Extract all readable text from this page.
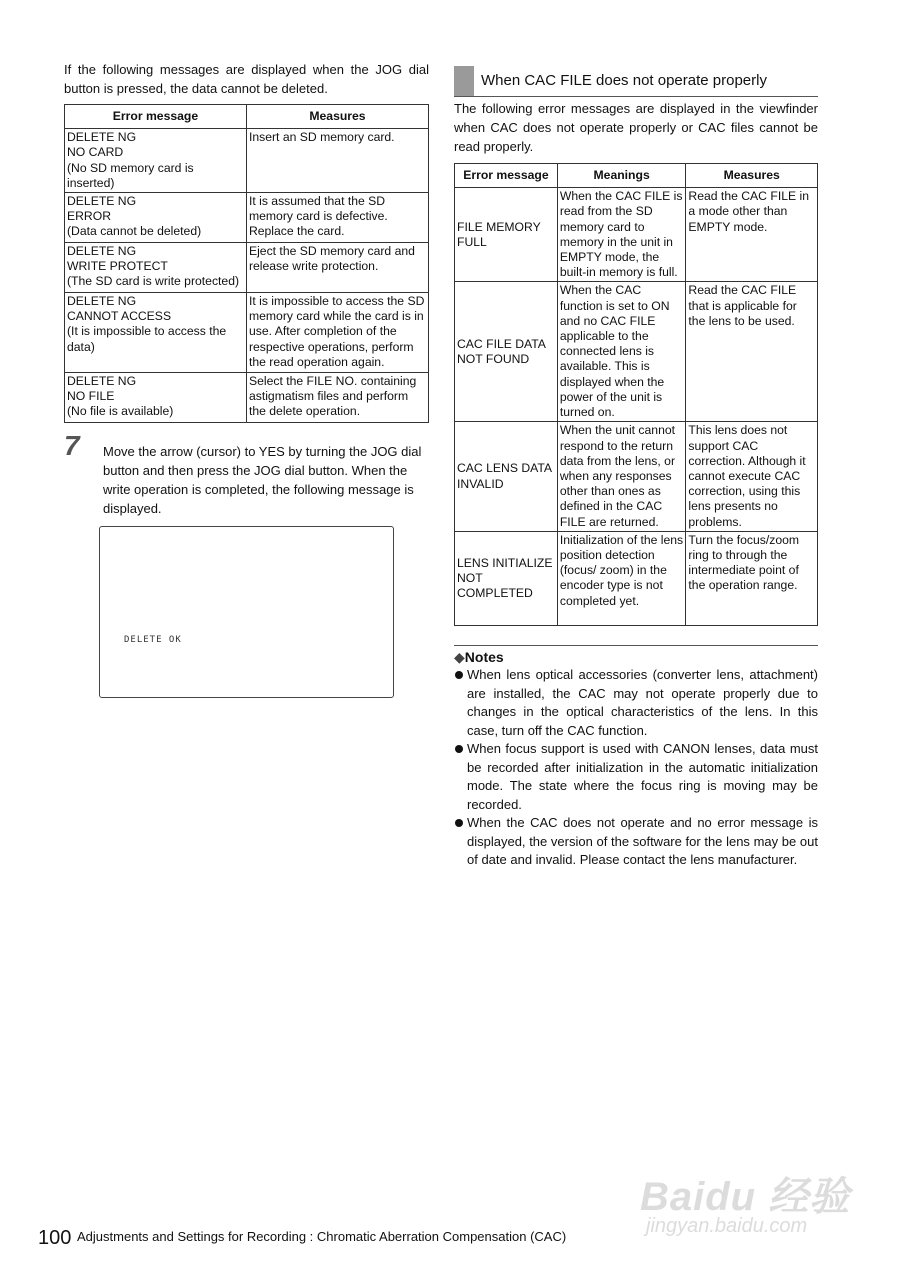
If the following messages are displayed when the JOG dial button is pressed, the data cannot be deleted.

Error message	Measures

DELETE NG
NO CARD
(No SD memory card is
inserted)	Insert an SD memory card.

DELETE NG
ERROR
(Data cannot be deleted)	It is assumed that the SD memory card is defective. Replace the card.

DELETE NG
WRITE PROTECT
(The SD card is write protected)	Eject the SD memory card and release write protection.

DELETE NG
CANNOT ACCESS
(It is impossible to access the
data)	It is impossible to access the SD memory card while the card is in use. After completion of the respective operations, perform the read operation again.

DELETE NG
NO FILE
(No file is available)	Select the FILE NO. containing astigmatism files and perform the delete operation.
7 Move the arrow (cursor) to YES by turning the JOG dial button and then press the JOG dial button. When the write operation is completed, the following message is displayed.

DELETE OK
When CAC FILE does not operate properly

The following error messages are displayed in the viewfinder when CAC does not operate properly or CAC files cannot be read properly.

Error message	Meanings	Measures
FILE MEMORY FULL	When the CAC FILE is read from the SD memory card to memory in the unit in EMPTY mode, the built-in memory is full.	Read the CAC FILE in a mode other than EMPTY mode.
CAC FILE DATA NOT FOUND	When the CAC function is set to ON and no CAC FILE applicable to the connected lens is available. This is displayed when the power of the unit is turned on.	Read the CAC FILE that is applicable for the lens to be used.
CAC LENS DATA INVALID	When the unit cannot respond to the return data from the lens, or when any responses other than ones as defined in the CAC FILE are returned.	This lens does not support CAC correction. Although it cannot execute CAC correction, using this lens presents no problems.
LENS INITIALIZE NOT COMPLETED	Initialization of the lens position detection (focus/ zoom) in the encoder type is not completed yet.	Turn the focus/zoom ring to through the intermediate point of the operation range.
◆Notes

When lens optical accessories (converter lens, attachment) are installed, the CAC may not operate properly due to changes in the optical characteristics of the lens. In this case, turn off the CAC function.

When focus support is used with CANON lenses, data must be recorded after initialization in the automatic initialization mode. The state where the focus ring is moving may be recorded.

When the CAC does not operate and no error message is displayed, the version of the software for the lens may be out of date and invalid. Please contact the lens manufacturer.

100 Adjustments and Settings for Recording : Chromatic Aberration Compensation (CAC)
Baidu 经验
jingyan.baidu.com
